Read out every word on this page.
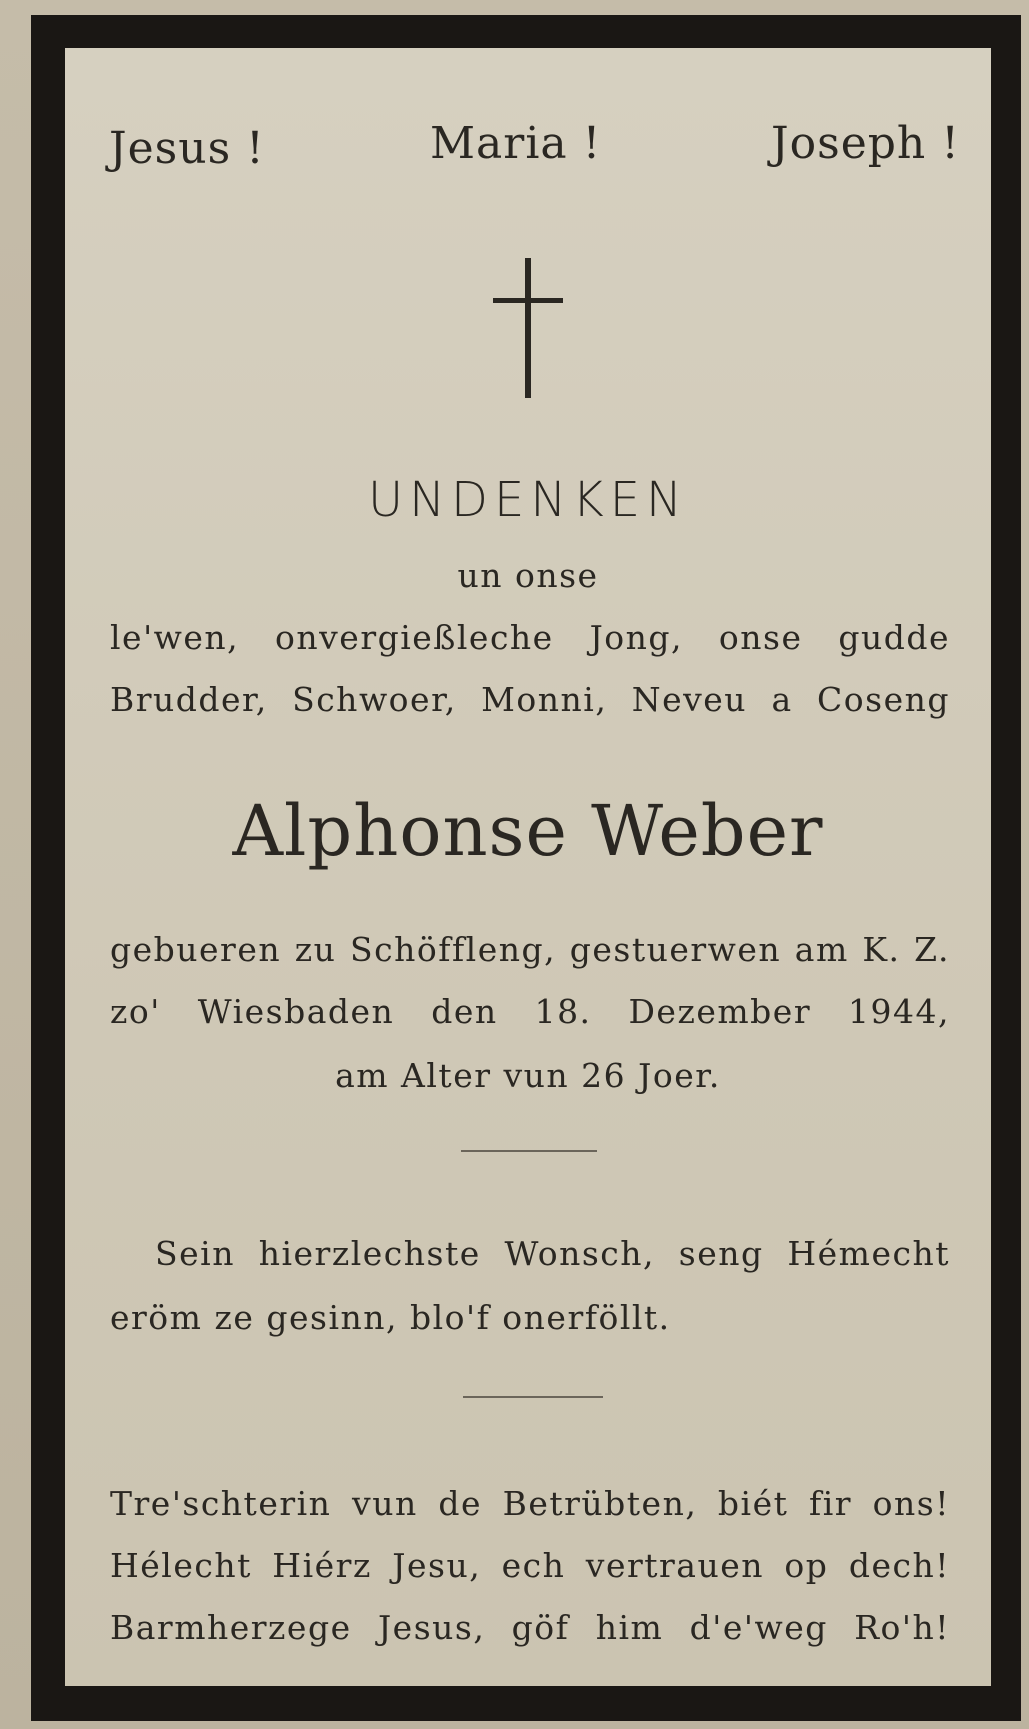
Jesus !	Maria !	Joseph !
UNDENKEN
un onse
le'wen, onvergießleche Jong, onse gudde
Brudder, Schwoer, Monni, Neveu a Coseng
Alphonse Weber
gebueren zu Schöffleng, gestuerwen am K. Z.
zo' Wiesbaden den 18. Dezember 1944,
am Alter vun 26 Joer.
Sein hierzlechste Wonsch, seng Hémecht
eröm ze gesinn, blo'f onerföllt.
Tre'schterin vun de Betrübten, biét fir ons!
Hélecht Hiérz Jesu, ech vertrauen op dech!
Barmherzege Jesus, göf him d'e'weg Ro'h!
